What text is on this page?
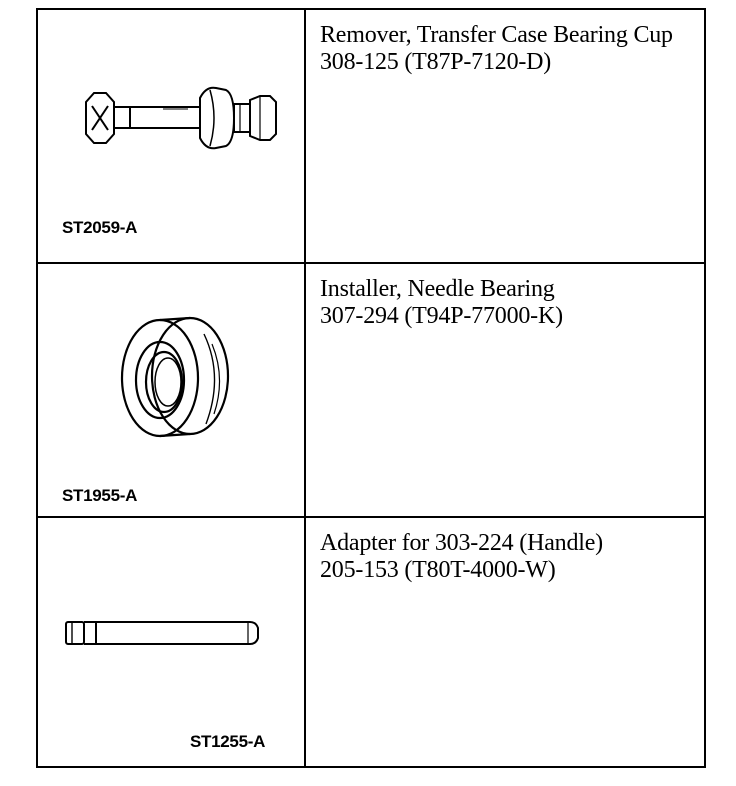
ST2059-A
Remover, Transfer Case Bearing Cup
308-125 (T87P-7120-D)
ST1955-A
Installer, Needle Bearing
307-294 (T94P-77000-K)
ST1255-A
Adapter for 303-224 (Handle)
205-153 (T80T-4000-W)
